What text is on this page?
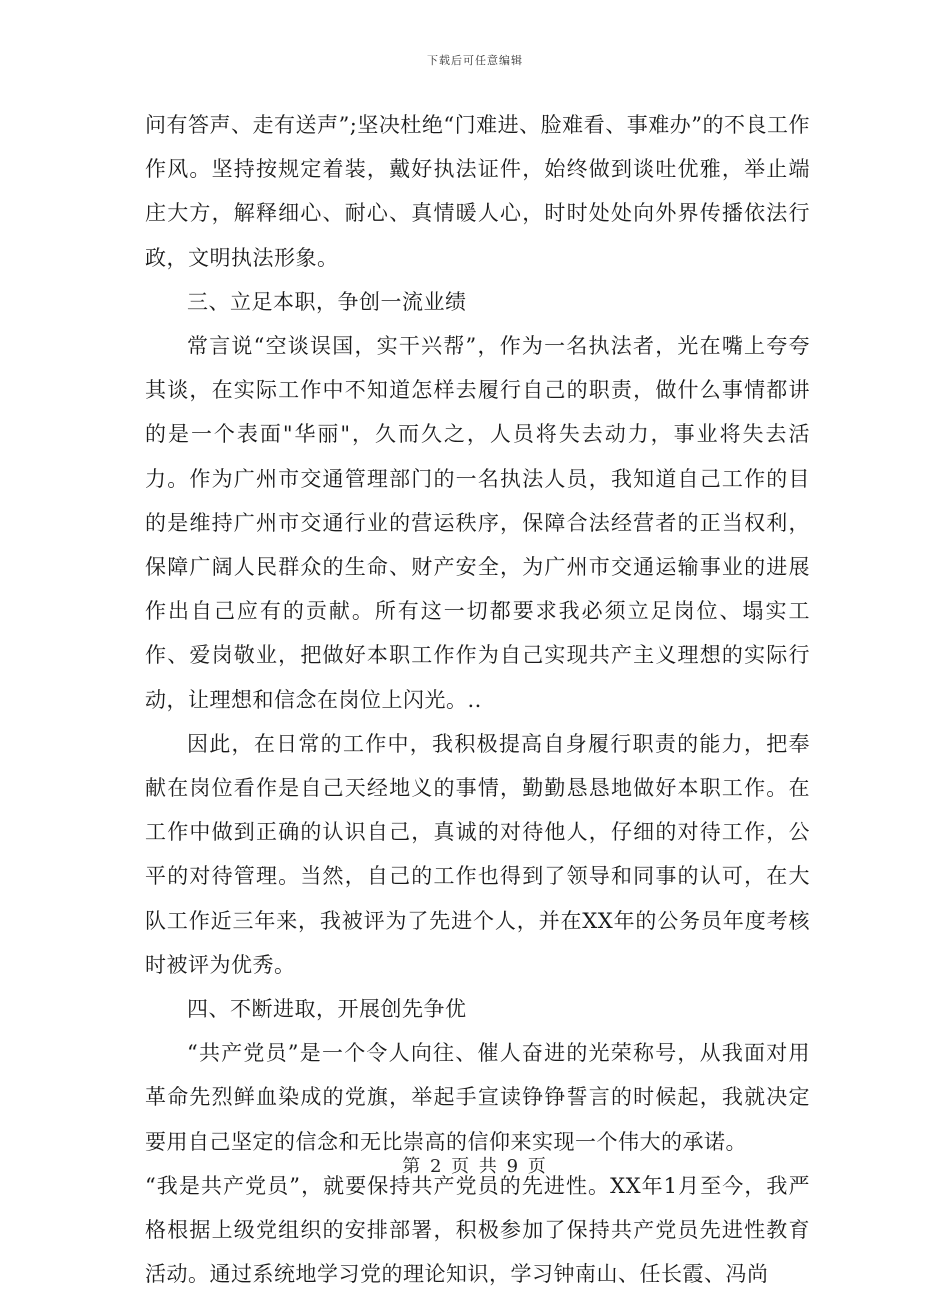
下载后可任意编辑

问有答声、走有送声”;坚决杜绝“门难进、脸难看、事难办”的不良工作作风。坚持按规定着装，戴好执法证件，始终做到谈吐优雅，举止端庄大方，解释细心、耐心、真情暖人心，时时处处向外界传播依法行政，文明执法形象。

三、立足本职，争创一流业绩

常言说“空谈误国，实干兴帮”，作为一名执法者，光在嘴上夸夸其谈，在实际工作中不知道怎样去履行自己的职责，做什么事情都讲的是一个表面"华丽"，久而久之，人员将失去动力，事业将失去活力。作为广州市交通管理部门的一名执法人员，我知道自己工作的目的是维持广州市交通行业的营运秩序，保障合法经营者的正当权利，保障广阔人民群众的生命、财产安全，为广州市交通运输事业的进展作出自己应有的贡献。所有这一切都要求我必须立足岗位、塌实工作、爱岗敬业，把做好本职工作作为自己实现共产主义理想的实际行动，让理想和信念在岗位上闪光。..

因此，在日常的工作中，我积极提高自身履行职责的能力，把奉献在岗位看作是自己天经地义的事情，勤勤恳恳地做好本职工作。在工作中做到正确的认识自己，真诚的对待他人，仔细的对待工作，公平的对待管理。当然，自己的工作也得到了领导和同事的认可，在大队工作近三年来，我被评为了先进个人，并在XX年的公务员年度考核时被评为优秀。

四、不断进取，开展创先争优

“共产党员”是一个令人向往、催人奋进的光荣称号，从我面对用革命先烈鲜血染成的党旗，举起手宣读铮铮誓言的时候起，我就决定要用自己坚定的信念和无比崇高的信仰来实现一个伟大的承诺。

“我是共产党员”，就要保持共产党员的先进性。XX年1月至今，我严格根据上级党组织的安排部署，积极参加了保持共产党员先进性教育活动。通过系统地学习党的理论知识，学习钟南山、任长霞、冯尚

第 2 页 共 9 页
